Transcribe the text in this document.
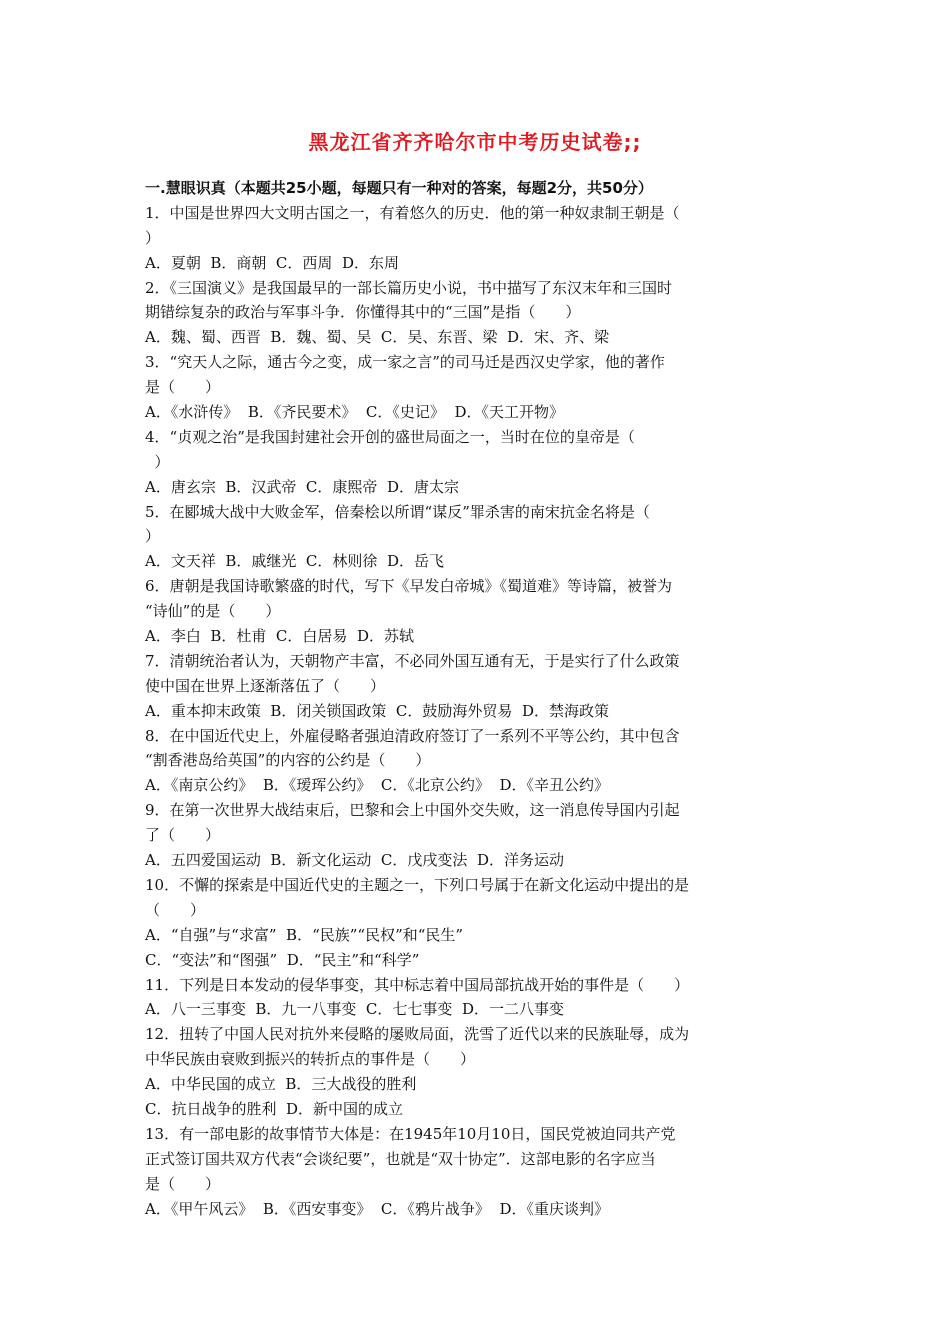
黑龙江省齐齐哈尔市中考历史试卷;;
一.慧眼识真（本题共25小题，每题只有一种对的答案，每题2分，共50分）
1．中国是世界四大文明古国之一，有着悠久的历史．他的第一种奴隶制王朝是（
）
A．夏朝  B．商朝  C．西周  D．东周
2．《三国演义》是我国最早的一部长篇历史小说，书中描写了东汉末年和三国时
期错综复杂的政治与军事斗争．你懂得其中的“三国”是指（　　）
A．魏、蜀、西晋  B．魏、蜀、吴  C．吴、东晋、梁  D．宋、齐、梁
3．“究天人之际，通古今之变，成一家之言”的司马迁是西汉史学家，他的著作
是（　　）
A．《水浒传》  B．《齐民要术》  C．《史记》  D．《天工开物》
4．“贞观之治”是我国封建社会开创的盛世局面之一，当时在位的皇帝是（
）
A．唐玄宗  B．汉武帝  C．康熙帝  D．唐太宗
5．在郾城大战中大败金军，倍秦桧以所谓“谋反”罪杀害的南宋抗金名将是（
）
A．文天祥  B．戚继光  C．林则徐  D．岳飞
6．唐朝是我国诗歌繁盛的时代，写下《早发白帝城》《蜀道难》等诗篇，被誉为
“诗仙”的是（　　）
A．李白  B．杜甫  C．白居易  D．苏轼
7．清朝统治者认为，天朝物产丰富，不必同外国互通有无，于是实行了什么政策
使中国在世界上逐渐落伍了（　　）
A．重本抑末政策  B．闭关锁国政策  C．鼓励海外贸易  D．禁海政策
8．在中国近代史上，外雇侵略者强迫清政府签订了一系列不平等公约，其中包含
“割香港岛给英国”的内容的公约是（　　）
A．《南京公约》  B．《瑷珲公约》  C．《北京公约》  D．《辛丑公约》
9．在第一次世界大战结束后，巴黎和会上中国外交失败，这一消息传导国内引起
了（　　）
A．五四爱国运动  B．新文化运动  C．戊戌变法  D．洋务运动
10．不懈的探索是中国近代史的主题之一，下列口号属于在新文化运动中提出的是
（　　）
A．“自强”与“求富”  B．“民族”“民权”和“民生”
C．“变法”和“图强”  D．“民主”和“科学”
11．下列是日本发动的侵华事变，其中标志着中国局部抗战开始的事件是（　　）
A．八一三事变  B．九一八事变  C．七七事变  D．一二八事变
12．扭转了中国人民对抗外来侵略的屡败局面，洗雪了近代以来的民族耻辱，成为
中华民族由衰败到振兴的转折点的事件是（　　）
A．中华民国的成立  B．三大战役的胜利
C．抗日战争的胜利  D．新中国的成立
13．有一部电影的故事情节大体是：在1945年10月10日，国民党被迫同共产党
正式签订国共双方代表“会谈纪要”，也就是“双十协定”．这部电影的名字应当
是（　　）
A．《甲午风云》  B．《西安事变》  C．《鸦片战争》  D．《重庆谈判》
